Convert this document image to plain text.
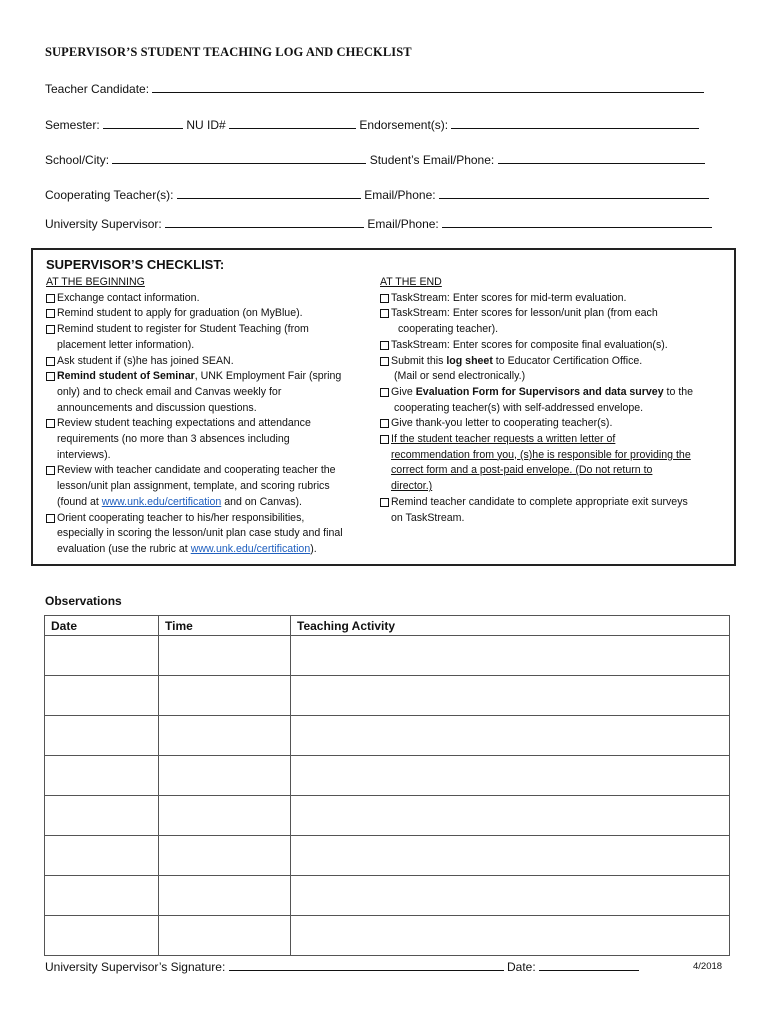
SUPERVISOR’S STUDENT TEACHING LOG AND CHECKLIST
Teacher Candidate:
Semester:	NU ID#	Endorsement(s):
School/City:	Student’s Email/Phone:
Cooperating Teacher(s):	Email/Phone:
University Supervisor:	Email/Phone:
SUPERVISOR’S CHECKLIST:
AT THE BEGINNING
Exchange contact information.
Remind student to apply for graduation (on MyBlue).
Remind student to register for Student Teaching (from
placement letter information).
Ask student if (s)he has joined SEAN.
Remind student of Seminar, UNK Employment Fair (spring
only) and to check email and Canvas weekly for
announcements and discussion questions.
Review student teaching expectations and attendance
requirements (no more than 3 absences including
interviews).
Review with teacher candidate and cooperating teacher the
lesson/unit plan assignment, template, and scoring rubrics
(found at www.unk.edu/certification and on Canvas).
Orient cooperating teacher to his/her responsibilities,
especially in scoring the lesson/unit plan case study and final
evaluation (use the rubric at www.unk.edu/certification).
AT THE END
TaskStream: Enter scores for mid-term evaluation.
TaskStream: Enter scores for lesson/unit plan (from each
cooperating teacher).
TaskStream: Enter scores for composite final evaluation(s).
Submit this log sheet to Educator Certification Office.
(Mail or send electronically.)
Give Evaluation Form for Supervisors and data survey to the
cooperating teacher(s) with self-addressed envelope.
Give thank-you letter to cooperating teacher(s).
If the student teacher requests a written letter of
recommendation from you, (s)he is responsible for providing the
correct form and a post-paid envelope. (Do not return to
director.)
Remind teacher candidate to complete appropriate exit surveys
on TaskStream.
Observations
Date	Time	Teaching Activity

University Supervisor’s Signature:	Date:	4/2018
